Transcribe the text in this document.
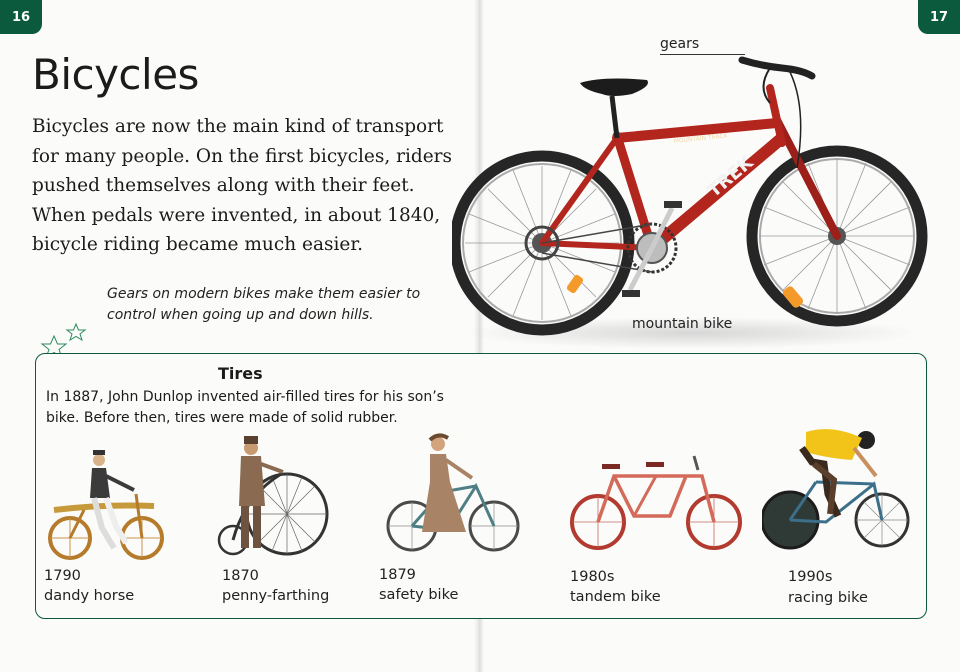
16	17
Bicycles
Bicycles are now the main kind of transport for many people. On the first bicycles, riders pushed themselves along with their feet. When pedals were invented, in about 1840, bicycle riding became much easier.
Gears on modern bikes make them easier to control when going up and down hills.
TREK
MOUNTAIN TRACK
gears
mountain bike
Tires
In 1887, John Dunlop invented air-filled tires for his son’s bike. Before then, tires were made of solid rubber.
1790
dandy horse
1870
penny-farthing
1879
safety bike
1980s
tandem bike
1990s
racing bike
